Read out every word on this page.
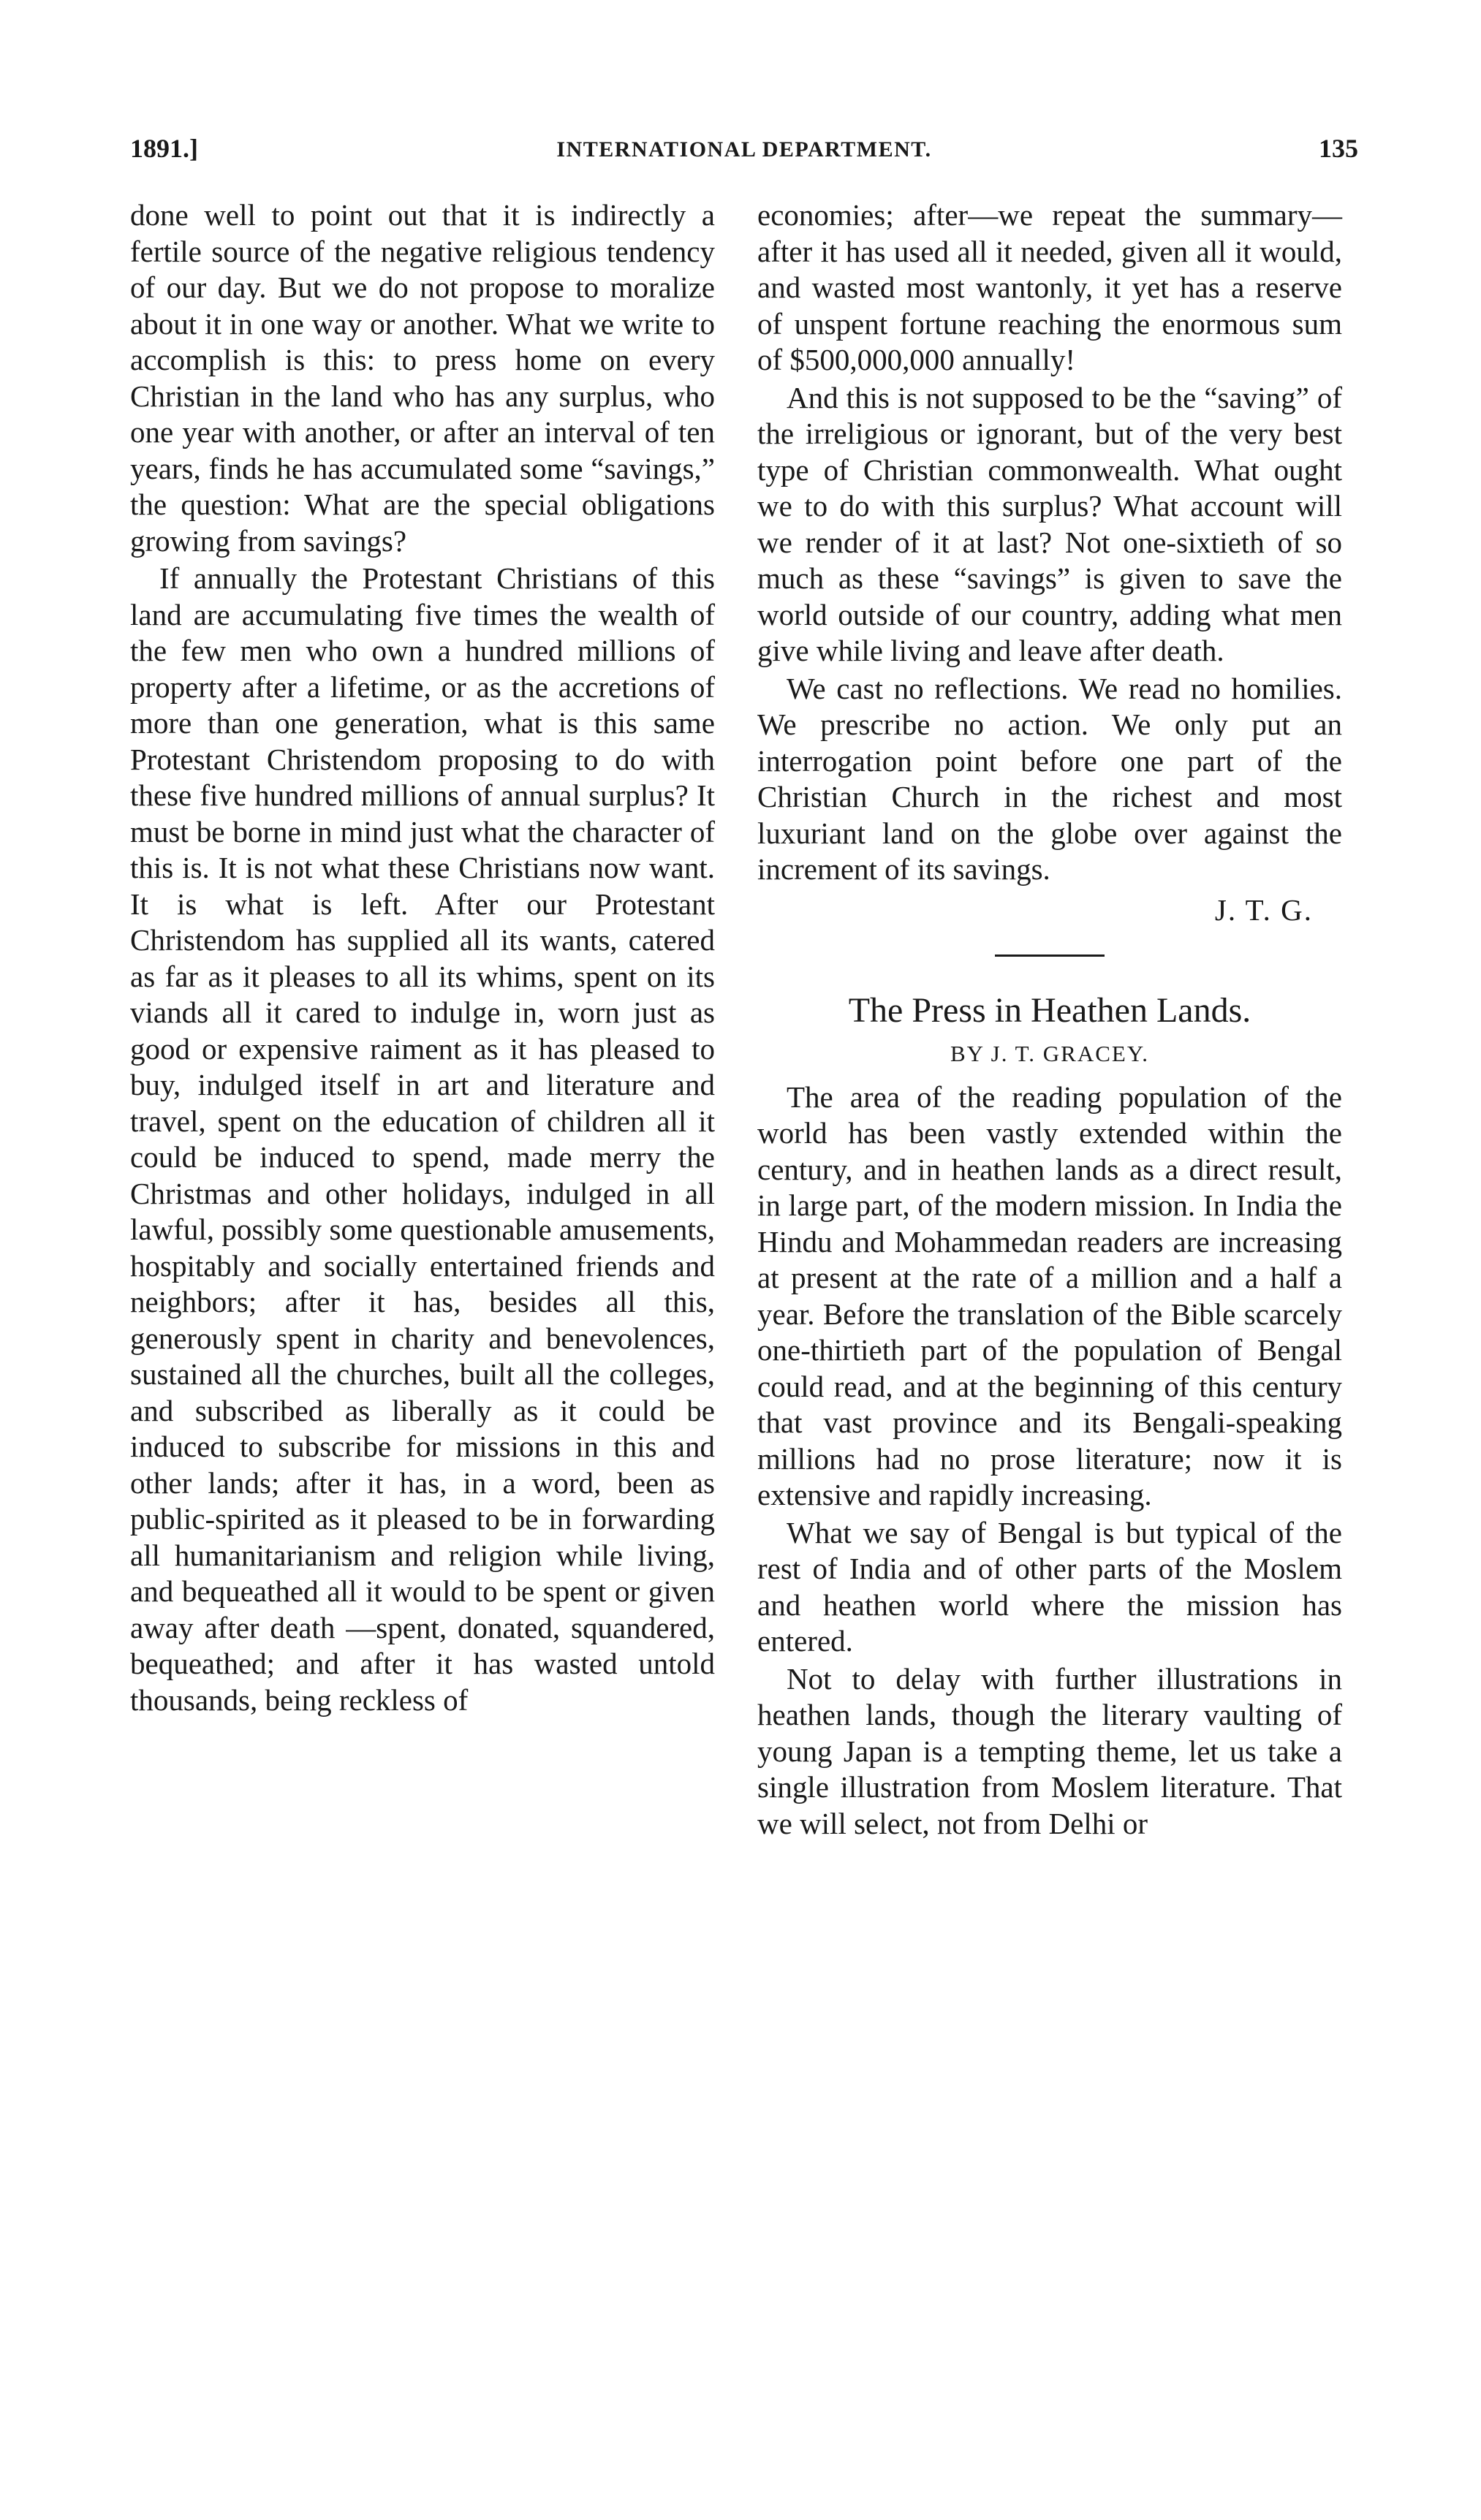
1891.]	INTERNATIONAL DEPARTMENT.	135

done well to point out that it is indirectly a fertile source of the negative religious tendency of our day. But we do not propose to moralize about it in one way or another. What we write to accomplish is this: to press home on every Christian in the land who has any surplus, who one year with another, or after an interval of ten years, finds he has accumulated some “savings,” the question: What are the special obligations growing from savings?

If annually the Protestant Christians of this land are accumulating five times the wealth of the few men who own a hundred millions of property after a lifetime, or as the accretions of more than one generation, what is this same Protestant Christendom proposing to do with these five hundred millions of annual surplus? It must be borne in mind just what the character of this is. It is not what these Christians now want. It is what is left. After our Protestant Christendom has supplied all its wants, catered as far as it pleases to all its whims, spent on its viands all it cared to indulge in, worn just as good or expensive raiment as it has pleased to buy, indulged itself in art and literature and travel, spent on the education of children all it could be induced to spend, made merry the Christmas and other holidays, indulged in all lawful, possibly some questionable amusements, hospitably and socially entertained friends and neighbors; after it has, besides all this, generously spent in charity and benevolences, sustained all the churches, built all the colleges, and subscribed as liberally as it could be induced to subscribe for missions in this and other lands; after it has, in a word, been as public-spirited as it pleased to be in forwarding all humanitarianism and religion while living, and bequeathed all it would to be spent or given away after death —spent, donated, squandered, bequeathed; and after it has wasted untold thousands, being reckless of

economies; after—we repeat the summary—after it has used all it needed, given all it would, and wasted most wantonly, it yet has a reserve of unspent fortune reaching the enormous sum of $500,000,000 annually!

And this is not supposed to be the “saving” of the irreligious or ignorant, but of the very best type of Christian commonwealth. What ought we to do with this surplus? What account will we render of it at last? Not one-sixtieth of so much as these “savings” is given to save the world outside of our country, adding what men give while living and leave after death.

We cast no reflections. We read no homilies. We prescribe no action. We only put an interrogation point before one part of the Christian Church in the richest and most luxuriant land on the globe over against the increment of its savings.

J. T. G.
The Press in Heathen Lands.
BY J. T. GRACEY.

The area of the reading population of the world has been vastly extended within the century, and in heathen lands as a direct result, in large part, of the modern mission. In India the Hindu and Mohammedan readers are increasing at present at the rate of a million and a half a year. Before the translation of the Bible scarcely one-thirtieth part of the population of Bengal could read, and at the beginning of this century that vast province and its Bengali-speaking millions had no prose literature; now it is extensive and rapidly increasing.

What we say of Bengal is but typical of the rest of India and of other parts of the Moslem and heathen world where the mission has entered.

Not to delay with further illustrations in heathen lands, though the literary vaulting of young Japan is a tempting theme, let us take a single illustration from Moslem literature. That we will select, not from Delhi or
